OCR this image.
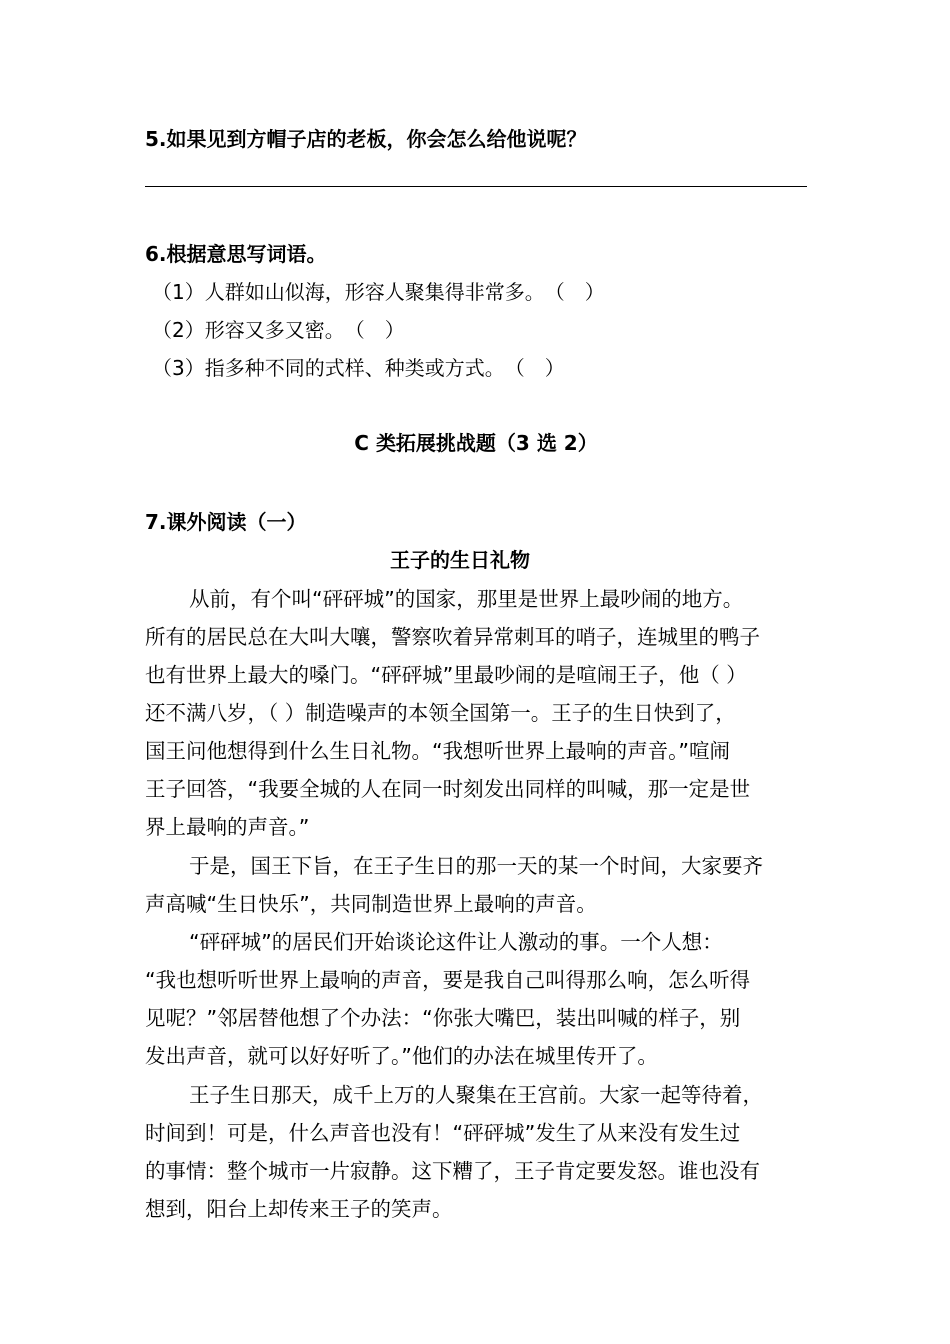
5.如果见到方帽子店的老板，你会怎么给他说呢？
6.根据意思写词语。
（1）人群如山似海，形容人聚集得非常多。　（　）
（2）形容又多又密。　（　）
（3）指多种不同的式样、种类或方式。　（　）
C 类拓展挑战题（3 选 2）
7.课外阅读（一）
王子的生日礼物
从前，有个叫“砰砰城”的国家，那里是世界上最吵闹的地方。
所有的居民总在大叫大嚷，警察吹着异常刺耳的哨子，连城里的鸭子
也有世界上最大的嗓门。“砰砰城”里最吵闹的是喧闹王子，他（ ）
还不满八岁，（ ）制造噪声的本领全国第一。王子的生日快到了，
国王问他想得到什么生日礼物。“我想听世界上最响的声音。”喧闹
王子回答，“我要全城的人在同一时刻发出同样的叫喊，那一定是世
界上最响的声音。”
于是，国王下旨，在王子生日的那一天的某一个时间，大家要齐
声高喊“生日快乐”，共同制造世界上最响的声音。
“砰砰城”的居民们开始谈论这件让人激动的事。一个人想：
“我也想听听世界上最响的声音，要是我自己叫得那么响，怎么听得
见呢？”邻居替他想了个办法：“你张大嘴巴，装出叫喊的样子，别
发出声音，就可以好好听了。”他们的办法在城里传开了。
王子生日那天，成千上万的人聚集在王宫前。大家一起等待着，
时间到！可是，什么声音也没有！“砰砰城”发生了从来没有发生过
的事情：整个城市一片寂静。这下糟了，王子肯定要发怒。谁也没有
想到，阳台上却传来王子的笑声。
